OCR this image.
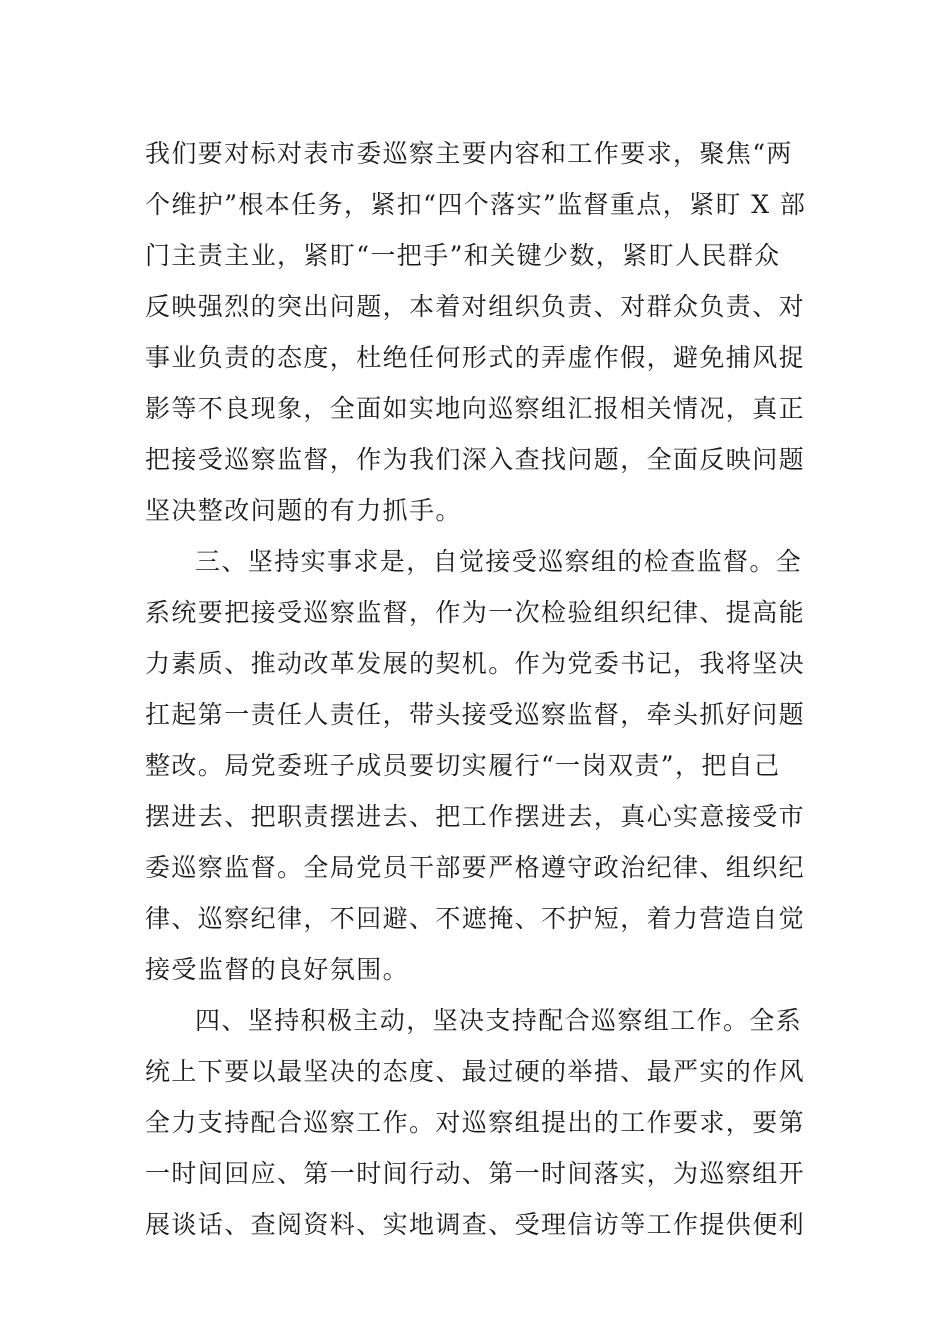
我们要对标对表市委巡察主要内容和工作要求，聚焦“两
个维护”根本任务，紧扣“四个落实”监督重点，紧盯 X 部
门主责主业，紧盯“一把手”和关键少数，紧盯人民群众
反映强烈的突出问题，本着对组织负责、对群众负责、对
事业负责的态度，杜绝任何形式的弄虚作假，避免捕风捉
影等不良现象，全面如实地向巡察组汇报相关情况，真正
把接受巡察监督，作为我们深入查找问题，全面反映问题
坚决整改问题的有力抓手。
三、坚持实事求是，自觉接受巡察组的检查监督。全
系统要把接受巡察监督，作为一次检验组织纪律、提高能
力素质、推动改革发展的契机。作为党委书记，我将坚决
扛起第一责任人责任，带头接受巡察监督，牵头抓好问题
整改。局党委班子成员要切实履行“一岗双责”，把自己
摆进去、把职责摆进去、把工作摆进去，真心实意接受市
委巡察监督。全局党员干部要严格遵守政治纪律、组织纪
律、巡察纪律，不回避、不遮掩、不护短，着力营造自觉
接受监督的良好氛围。
四、坚持积极主动，坚决支持配合巡察组工作。全系
统上下要以最坚决的态度、最过硬的举措、最严实的作风
全力支持配合巡察工作。对巡察组提出的工作要求，要第
一时间回应、第一时间行动、第一时间落实，为巡察组开
展谈话、查阅资料、实地调查、受理信访等工作提供便利
